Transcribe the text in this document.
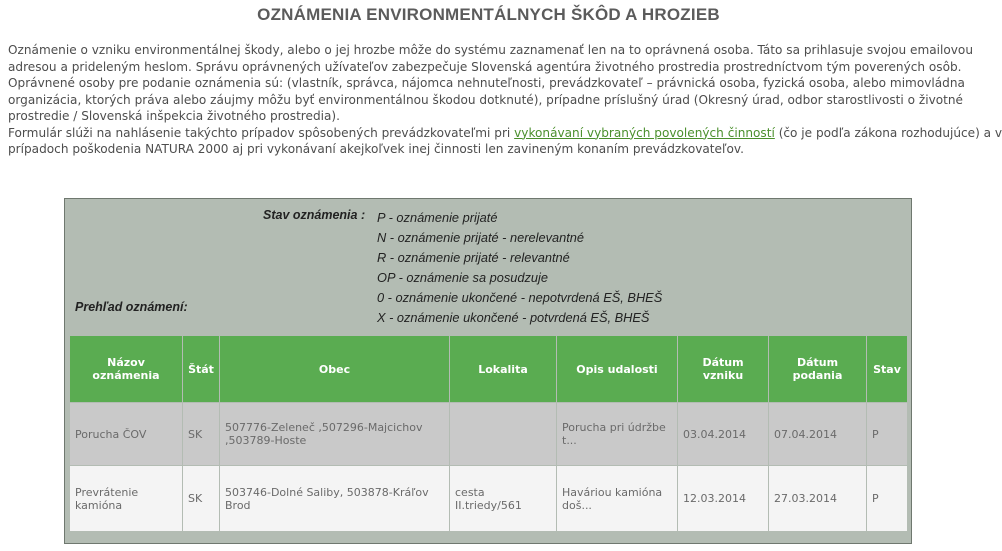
OZNÁMENIA ENVIRONMENTÁLNYCH ŠKÔD A HROZIEB
Oznámenie o vzniku environmentálnej škody, alebo o jej hrozbe môže do systému zaznamenať len na to oprávnená osoba. Táto sa prihlasuje svojou emailovou
adresou a prideleným heslom. Správu oprávnených užívateľov zabezpečuje Slovenská agentúra životného prostredia prostredníctvom tým poverených osôb.
Oprávnené osoby pre podanie oznámenia sú: (vlastník, správca, nájomca nehnuteľnosti, prevádzkovateľ – právnická osoba, fyzická osoba, alebo mimovládna
organizácia, ktorých práva alebo záujmy môžu byť environmentálnou škodou dotknuté), prípadne príslušný úrad (Okresný úrad, odbor starostlivosti o životné
prostredie / Slovenská inšpekcia životného prostredia).
Formulár slúži na nahlásenie takýchto prípadov spôsobených prevádzkovateľmi pri vykonávaní vybraných povolených činností (čo je podľa zákona rozhodujúce) a v
prípadoch poškodenia NATURA 2000 aj pri vykonávaní akejkoľvek inej činnosti len zavineným konaním prevádzkovateľov.
Stav oznámenia : P - oznámenie prijaté
N - oznámenie prijaté - nerelevantné
R - oznámenie prijaté - relevantné
OP - oznámenie sa posudzuje
0 - oznámenie ukončené - nepotvrdená EŠ, BHEŠ
X - oznámenie ukončené - potvrdená EŠ, BHEŠ
Prehľad oznámení:
Názov oznámenia	Štát	Obec	Lokalita	Opis udalosti	Dátum vzniku	Dátum podania	Stav
Porucha ČOV	SK	507776-Zeleneč ,507296-Majcichov ,503789-Hoste		Porucha pri údržbe t...	03.04.2014	07.04.2014	P
Prevrátenie kamióna	SK	503746-Dolné Saliby, 503878-Kráľov Brod	cesta II.triedy/561	Haváriou kamióna doš...	12.03.2014	27.03.2014	P
